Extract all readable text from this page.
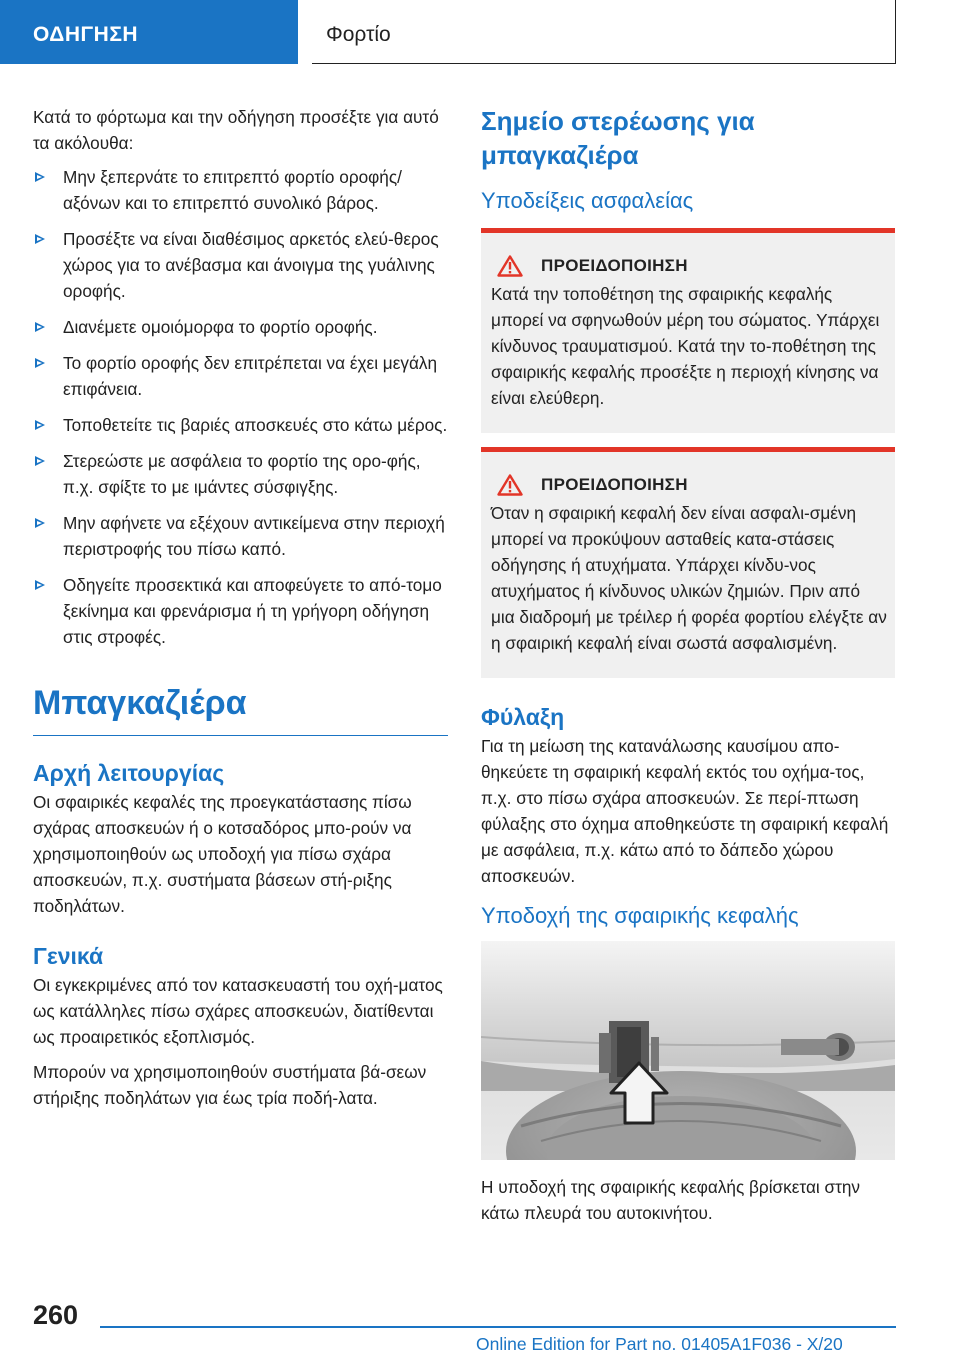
ΟΔΗΓΗΣΗ	Φορτίο

Κατά το φόρτωμα και την οδήγηση προσέξτε για αυτό τα ακόλουθα:

Μην ξεπερνάτε το επιτρεπτό φορτίο οροφής/αξόνων και το επιτρεπτό συνολικό βάρος.
Προσέξτε να είναι διαθέσιμος αρκετός ελεύ-θερος χώρος για το ανέβασμα και άνοιγμα της γυάλινης οροφής.
Διανέμετε ομοιόμορφα το φορτίο οροφής.
Το φορτίο οροφής δεν επιτρέπεται να έχει μεγάλη επιφάνεια.
Τοποθετείτε τις βαριές αποσκευές στο κάτω μέρος.
Στερεώστε με ασφάλεια το φορτίο της ορο-φής, π.χ. σφίξτε το με ιμάντες σύσφιγξης.
Μην αφήνετε να εξέχουν αντικείμενα στην περιοχή περιστροφής του πίσω καπό.
Οδηγείτε προσεκτικά και αποφεύγετε το από-τομο ξεκίνημα και φρενάρισμα ή τη γρήγορη οδήγηση στις στροφές.
Μπαγκαζιέρα
Αρχή λειτουργίας

Οι σφαιρικές κεφαλές της προεγκατάστασης πίσω σχάρας αποσκευών ή ο κοτσαδόρος μπο-ρούν να χρησιμοποιηθούν ως υποδοχή για πίσω σχάρα αποσκευών, π.χ. συστήματα βάσεων στή-ριξης ποδηλάτων.

Γενικά

Οι εγκεκριμένες από τον κατασκευαστή του οχή-ματος ως κατάλληλες πίσω σχάρες αποσκευών, διατίθενται ως προαιρετικός εξοπλισμός.

Μπορούν να χρησιμοποιηθούν συστήματα βά-σεων στήριξης ποδηλάτων για έως τρία ποδή-λατα.

Σημείο στερέωσης για μπαγκαζιέρα
Υποδείξεις ασφαλείας
ΠΡΟΕΙΔΟΠΟΙΗΣΗ

Κατά την τοποθέτηση της σφαιρικής κεφαλής μπορεί να σφηνωθούν μέρη του σώματος. Υπάρχει κίνδυνος τραυματισμού. Κατά την το-ποθέτηση της σφαιρικής κεφαλής προσέξτε η περιοχή κίνησης να είναι ελεύθερη.

ΠΡΟΕΙΔΟΠΟΙΗΣΗ

Όταν η σφαιρική κεφαλή δεν είναι ασφαλι-σμένη μπορεί να προκύψουν ασταθείς κατα-στάσεις οδήγησης ή ατυχήματα. Υπάρχει κίνδυ-νος ατυχήματος ή κίνδυνος υλικών ζημιών. Πριν από μια διαδρομή με τρέιλερ ή φορέα φορτίου ελέγξτε αν η σφαιρική κεφαλή είναι σωστά ασφαλισμένη.

Φύλαξη

Για τη μείωση της κατανάλωσης καυσίμου απο-θηκεύετε τη σφαιρική κεφαλή εκτός του οχήμα-τος, π.χ. στο πίσω σχάρα αποσκευών. Σε περί-πτωση φύλαξης στο όχημα αποθηκεύστε τη σφαιρική κεφαλή με ασφάλεια, π.χ. κάτω από το δάπεδο χώρου αποσκευών.

Υποδοχή της σφαιρικής κεφαλής

Η υποδοχή της σφαιρικής κεφαλής βρίσκεται στην κάτω πλευρά του αυτοκινήτου.

260
Online Edition for Part no. 01405A1F036 - X/20
